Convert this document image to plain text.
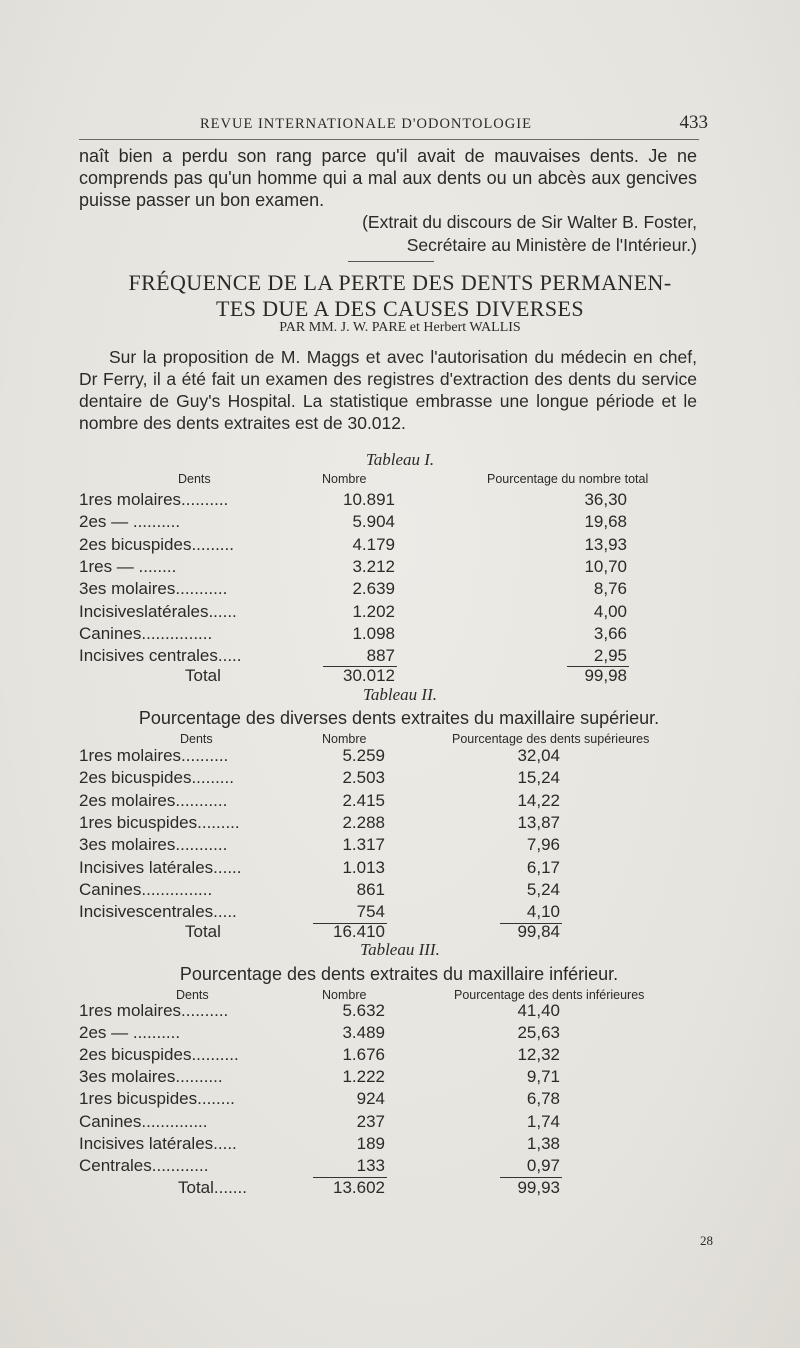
REVUE INTERNATIONALE D'ODONTOLOGIE	433

naît bien a perdu son rang parce qu'il avait de mauvaises dents. Je ne comprends pas qu'un homme qui a mal aux dents ou un abcès aux gencives puisse passer un bon examen.

(Extrait du discours de Sir Walter B. Foster,
Secrétaire au Ministère de l'Intérieur.)
FRÉQUENCE DE LA PERTE DES DENTS PERMANEN-
TES DUE A DES CAUSES DIVERSES
PAR MM. J. W. PARE et Herbert WALLIS
Sur la proposition de M. Maggs et avec l'autorisation du médecin en chef, Dr Ferry, il a été fait un examen des registres d'extraction des dents du service dentaire de Guy's Hospital. La statistique embrasse une longue période et le nombre des dents extraites est de 30.012.
Tableau I.
Dents	Nombre	Pourcentage du nombre total
1res molaires..........	10.891	36,30
2es — ..........	5.904	19,68
2es bicuspides.........	4.179	13,93
1res — ........	3.212	10,70
3es molaires...........	2.639	8,76
Incisiveslatérales......	1.202	4,00
Canines...............	1.098	3,66
Incisives centrales.....	887	2,95
Total	30.012	99,98
Tableau II.
Pourcentage des diverses dents extraites du maxillaire supérieur.
Dents	Nombre	Pourcentage des dents supérieures
1res molaires..........	5.259	32,04
2es bicuspides.........	2.503	15,24
2es molaires...........	2.415	14,22
1res bicuspides.........	2.288	13,87
3es molaires...........	1.317	7,96
Incisives latérales......	1.013	6,17
Canines...............	861	5,24
Incisivescentrales.....	754	4,10
Total	16.410	99,84
Tableau III.
Pourcentage des dents extraites du maxillaire inférieur.
Dents	Nombre	Pourcentage des dents inférieures
1res molaires..........	5.632	41,40
2es — ..........	3.489	25,63
2es bicuspides..........	1.676	12,32
3es molaires..........	1.222	9,71
1res bicuspides........	924	6,78
Canines..............	237	1,74
Incisives latérales.....	189	1,38
Centrales............	133	0,97
Total.......	13.602	99,93
28
